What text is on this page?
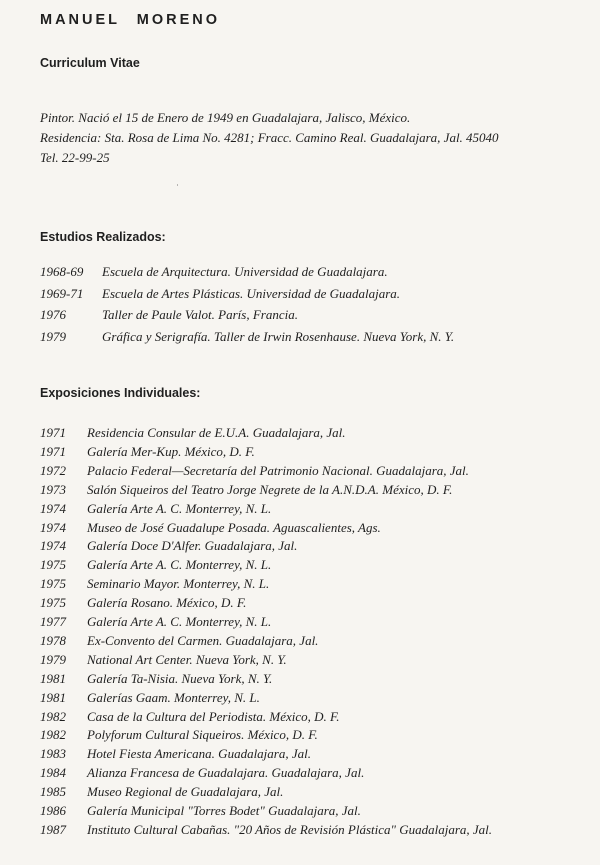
MANUEL MORENO
Curriculum Vitae
Pintor. Nació el 15 de Enero de 1949 en Guadalajara, Jalisco, México.
Residencia: Sta. Rosa de Lima No. 4281; Fracc. Camino Real. Guadalajara, Jal. 45040
Tel. 22-99-25
ʿ
Estudios Realizados:
1968-69 Escuela de Arquitectura. Universidad de Guadalajara.
1969-71 Escuela de Artes Plásticas. Universidad de Guadalajara.
1976	Taller de Paule Valot. París, Francia.
1979	Gráfica y Serigrafía. Taller de Irwin Rosenhause. Nueva York, N. Y.
Exposiciones Individuales:
1971 Residencia Consular de E.U.A. Guadalajara, Jal.
1971 Galería Mer-Kup. México, D. F.
1972 Palacio Federal—Secretaría del Patrimonio Nacional. Guadalajara, Jal.
1973 Salón Siqueiros del Teatro Jorge Negrete de la A.N.D.A. México, D. F.
1974 Galería Arte A. C. Monterrey, N. L.
1974 Museo de José Guadalupe Posada. Aguascalientes, Ags.
1974 Galería Doce D'Alfer. Guadalajara, Jal.
1975 Galería Arte A. C. Monterrey, N. L.
1975 Seminario Mayor. Monterrey, N. L.
1975 Galería Rosano. México, D. F.
1977 Galería Arte A. C. Monterrey, N. L.
1978 Ex-Convento del Carmen. Guadalajara, Jal.
1979 National Art Center. Nueva York, N. Y.
1981 Galería Ta-Nisia. Nueva York, N. Y.
1981 Galerías Gaam. Monterrey, N. L.
1982 Casa de la Cultura del Periodista. México, D. F.
1982 Polyforum Cultural Siqueiros. México, D. F.
1983 Hotel Fiesta Americana. Guadalajara, Jal.
1984 Alianza Francesa de Guadalajara. Guadalajara, Jal.
1985 Museo Regional de Guadalajara, Jal.
1986 Galería Municipal "Torres Bodet" Guadalajara, Jal.
1987 Instituto Cultural Cabañas. "20 Años de Revisión Plástica" Guadalajara, Jal.
